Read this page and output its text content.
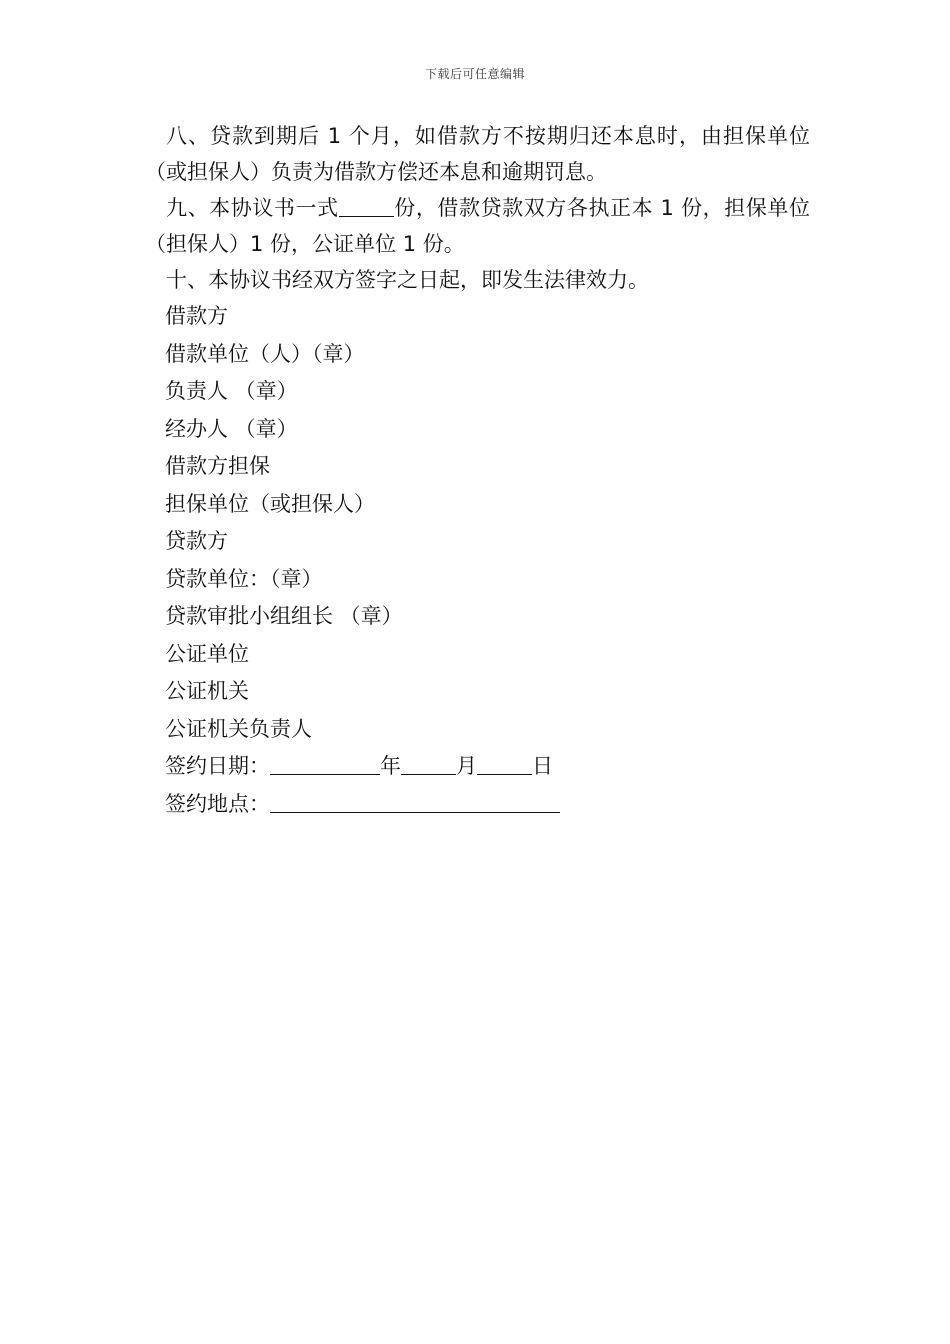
下载后可任意编辑

八、贷款到期后 1 个月，如借款方不按期归还本息时，由担保单位（或担保人）负责为借款方偿还本息和逾期罚息。

九、本协议书一式	份，借款贷款双方各执正本 1 份，担保单位（担保人）1 份，公证单位 1 份。

十、本协议书经双方签字之日起，即发生法律效力。

借款方

借款单位（人）（章）

负责人 （章）

经办人 （章）

借款方担保

担保单位（或担保人）

贷款方

贷款单位：（章）

贷款审批小组组长 （章）

公证单位

公证机关

公证机关负责人

签约日期：	年	月	日

签约地点：
